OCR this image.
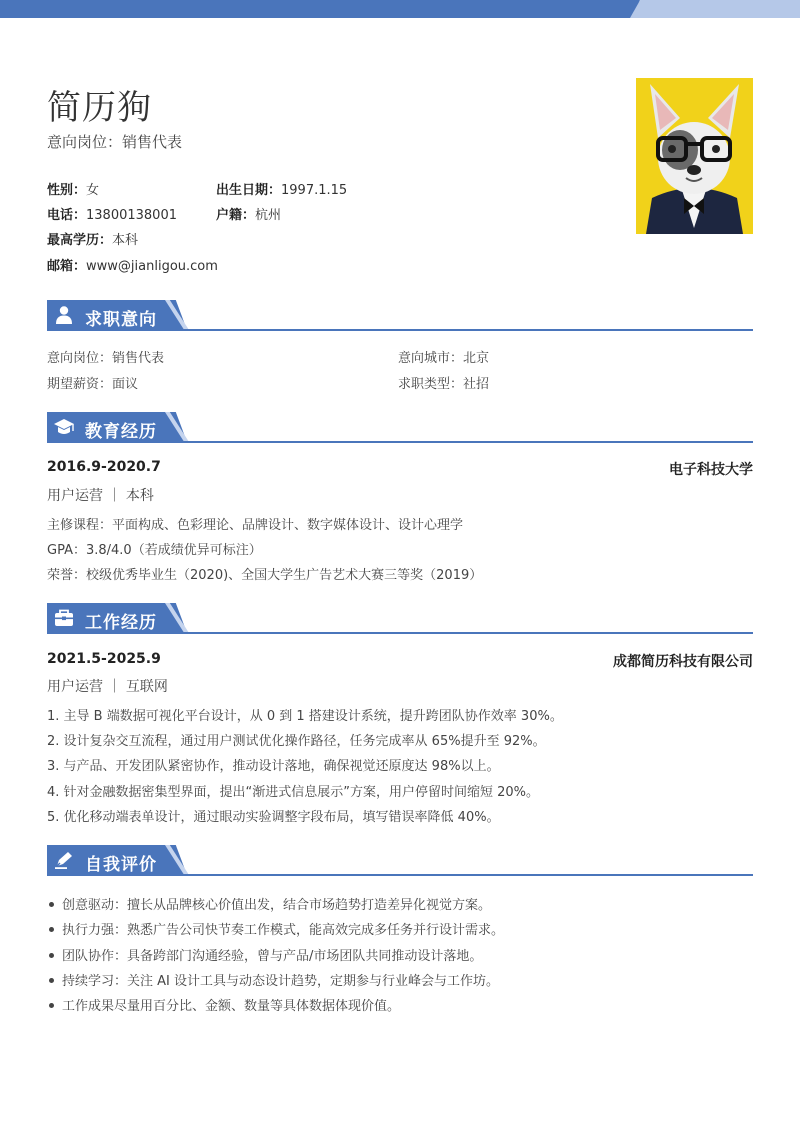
简历狗
意向岗位：销售代表
性别：女	出生日期：1997.1.15
电话：13800138001	户籍：杭州
最高学历：本科
邮箱：www@jianligou.com
求职意向
意向岗位：销售代表	意向城市：北京
期望薪资：面议	求职类型：社招
教育经历
2016.9-2020.7	电子科技大学
用户运营 ｜ 本科
主修课程：平面构成、色彩理论、品牌设计、数字媒体设计、设计心理学
GPA：3.8/4.0（若成绩优异可标注）
荣誉：校级优秀毕业生（2020)、全国大学生广告艺术大赛三等奖（2019）
工作经历
2021.5-2025.9	成都简历科技有限公司
用户运营 ｜ 互联网
1. 主导 B 端数据可视化平台设计，从 0 到 1 搭建设计系统，提升跨团队协作效率 30%。
2. 设计复杂交互流程，通过用户测试优化操作路径，任务完成率从 65%提升至 92%。
3. 与产品、开发团队紧密协作，推动设计落地，确保视觉还原度达 98%以上。
4. 针对金融数据密集型界面，提出“渐进式信息展示”方案，用户停留时间缩短 20%。
5. 优化移动端表单设计，通过眼动实验调整字段布局，填写错误率降低 40%。
自我评价
创意驱动：擅长从品牌核心价值出发，结合市场趋势打造差异化视觉方案。
执行力强：熟悉广告公司快节奏工作模式，能高效完成多任务并行设计需求。
团队协作：具备跨部门沟通经验，曾与产品/市场团队共同推动设计落地。
持续学习：关注 AI 设计工具与动态设计趋势，定期参与行业峰会与工作坊。
工作成果尽量用百分比、金额、数量等具体数据体现价值。
